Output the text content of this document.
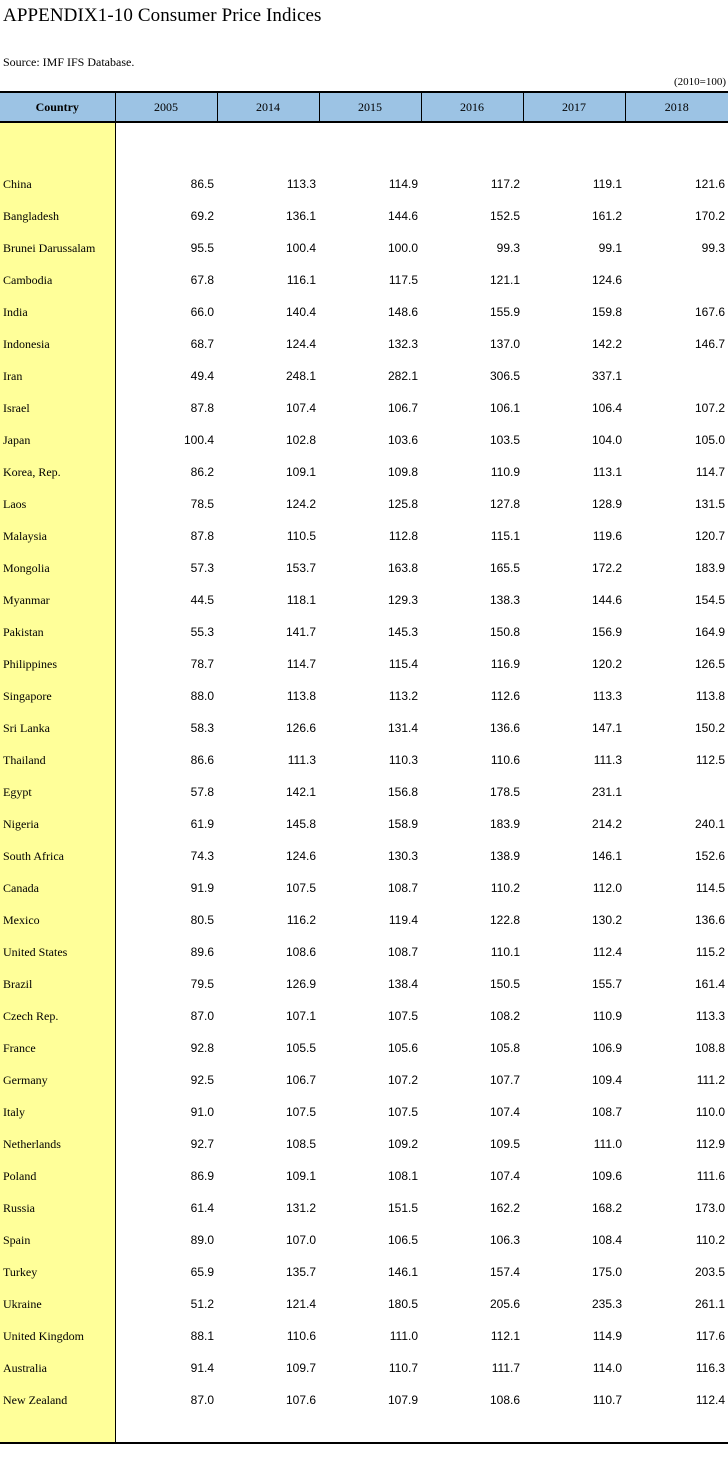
APPENDIX1-10 Consumer Price Indices
Source: IMF IFS Database.
(2010=100)
Country	2005	2014	2015	2016	2017	2018

China	86.5	113.3	114.9	117.2	119.1	121.6
Bangladesh	69.2	136.1	144.6	152.5	161.2	170.2
Brunei Darussalam	95.5	100.4	100.0	99.3	99.1	99.3
Cambodia	67.8	116.1	117.5	121.1	124.6	
India	66.0	140.4	148.6	155.9	159.8	167.6
Indonesia	68.7	124.4	132.3	137.0	142.2	146.7
Iran	49.4	248.1	282.1	306.5	337.1	
Israel	87.8	107.4	106.7	106.1	106.4	107.2
Japan	100.4	102.8	103.6	103.5	104.0	105.0
Korea, Rep.	86.2	109.1	109.8	110.9	113.1	114.7
Laos	78.5	124.2	125.8	127.8	128.9	131.5
Malaysia	87.8	110.5	112.8	115.1	119.6	120.7
Mongolia	57.3	153.7	163.8	165.5	172.2	183.9
Myanmar	44.5	118.1	129.3	138.3	144.6	154.5
Pakistan	55.3	141.7	145.3	150.8	156.9	164.9
Philippines	78.7	114.7	115.4	116.9	120.2	126.5
Singapore	88.0	113.8	113.2	112.6	113.3	113.8
Sri Lanka	58.3	126.6	131.4	136.6	147.1	150.2
Thailand	86.6	111.3	110.3	110.6	111.3	112.5
Egypt	57.8	142.1	156.8	178.5	231.1	
Nigeria	61.9	145.8	158.9	183.9	214.2	240.1
South Africa	74.3	124.6	130.3	138.9	146.1	152.6
Canada	91.9	107.5	108.7	110.2	112.0	114.5
Mexico	80.5	116.2	119.4	122.8	130.2	136.6
United States	89.6	108.6	108.7	110.1	112.4	115.2
Brazil	79.5	126.9	138.4	150.5	155.7	161.4
Czech Rep.	87.0	107.1	107.5	108.2	110.9	113.3
France	92.8	105.5	105.6	105.8	106.9	108.8
Germany	92.5	106.7	107.2	107.7	109.4	111.2
Italy	91.0	107.5	107.5	107.4	108.7	110.0
Netherlands	92.7	108.5	109.2	109.5	111.0	112.9
Poland	86.9	109.1	108.1	107.4	109.6	111.6
Russia	61.4	131.2	151.5	162.2	168.2	173.0
Spain	89.0	107.0	106.5	106.3	108.4	110.2
Turkey	65.9	135.7	146.1	157.4	175.0	203.5
Ukraine	51.2	121.4	180.5	205.6	235.3	261.1
United Kingdom	88.1	110.6	111.0	112.1	114.9	117.6
Australia	91.4	109.7	110.7	111.7	114.0	116.3
New Zealand	87.0	107.6	107.9	108.6	110.7	112.4
